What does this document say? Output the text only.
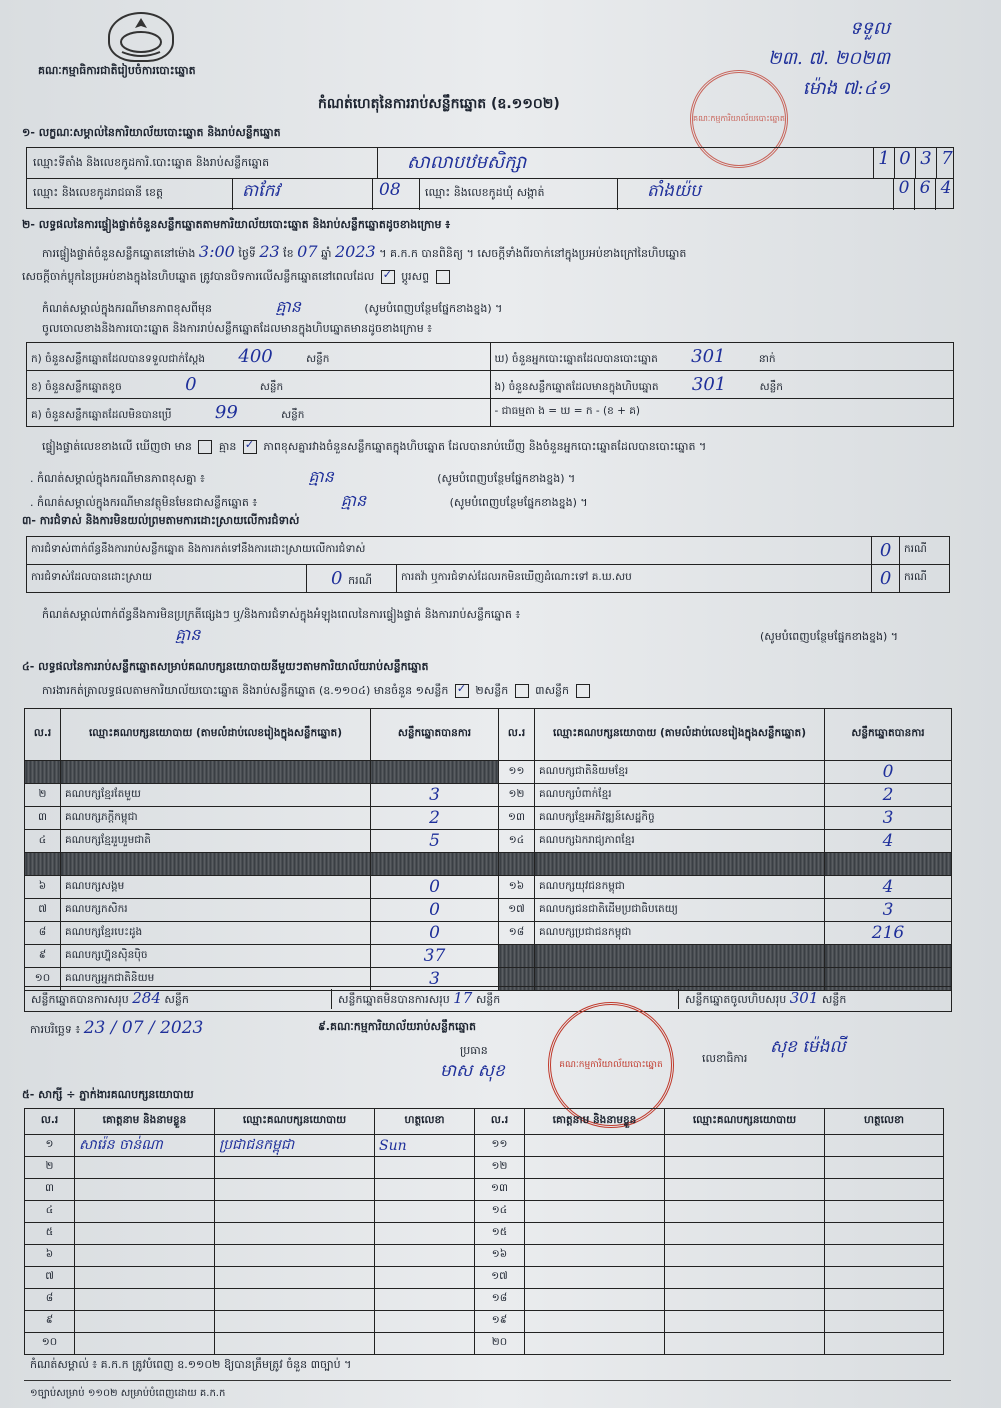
គណៈកម្មាធិការជាតិរៀបចំការបោះឆ្នោត
កំណត់ហេតុនៃការរាប់សន្លឹកឆ្នោត (ឧ.១១០២)
ទទួល
២៣. ៧. ២០២៣
ម៉ោង ៧:៤១
គណៈកម្មការិយាល័យបោះឆ្នោត
១- លក្ខណៈសម្គាល់នៃការិយាល័យបោះឆ្នោត និងរាប់សន្លឹកឆ្នោត
ឈ្មោះទីតាំង និងលេខកូដការិ.បោះឆ្នោត និងរាប់សន្លឹកឆ្នោត	សាលាបឋមសិក្សា	1 0 3 7
ឈ្មោះ និងលេខកូដរាជធានី ខេត្ត	តាកែវ	08 ឈ្មោះ និងលេខកូដឃុំ សង្កាត់	តាំងយ៉ប	0 6 4
២- លទ្ធផលនៃការផ្ទៀងផ្ទាត់ចំនួនសន្លឹកឆ្នោតតាមការិយាល័យបោះឆ្នោត និងរាប់សន្លឹកឆ្នោតដូចខាងក្រោម ៖
ការផ្ទៀងផ្ទាត់ចំនួនសន្លឹកឆ្នោតនៅម៉ោង 3:00 ថ្ងៃទី 23 ខែ 07 ឆ្នាំ 2023 ។ គ.ក.ក បានពិនិត្យ ។ សេចក្ដីទាំងពីរចាក់នៅក្នុងប្រអប់ខាងក្រៅនៃហិបឆ្នោត
សេចក្ដីចាក់ប្លុកនៃប្រអប់ខាងក្នុងនៃហិបឆ្នោត ត្រូវបានបិទការលើសន្លឹកឆ្នោតនៅពេលដែល ✓ ប្ដូរសព្ទ
កំណត់សម្គាល់ក្នុងករណីមានភាពខុសពីមុន	គ្មាន	(សូមបំពេញបន្ថែមផ្នែកខាងខ្នង) ។
ចូលចោលខាងនិងការបោះឆ្នោត និងការរាប់សន្លឹកឆ្នោតដែលមានក្នុងហិបឆ្នោតមានដូចខាងក្រោម ៖
ក) ចំនួនសន្លឹកឆ្នោតដែលបានទទួលជាក់ស្ដែង 400 សន្លឹក	ឃ) ចំនួនអ្នកបោះឆ្នោតដែលបានបោះឆ្នោត 301 នាក់
ខ) ចំនួនសន្លឹកឆ្នោតខូច 0 សន្លឹក	ង) ចំនួនសន្លឹកឆ្នោតដែលមានក្នុងហិបឆ្នោត 301 សន្លឹក
គ) ចំនួនសន្លឹកឆ្នោតដែលមិនបានប្រើ 99 សន្លឹក	- ជាធម្មតា ង = ឃ = ក - (ខ + គ)
ផ្ទៀងផ្ទាត់លេខខាងលើ ឃើញថា មាន គ្មាន ✓ ភាពខុសគ្នារវាងចំនួនសន្លឹកឆ្នោតក្នុងហិបឆ្នោត ដែលបានរាប់ឃើញ និងចំនួនអ្នកបោះឆ្នោតដែលបានបោះឆ្នោត ។
. កំណត់សម្គាល់ក្នុងករណីមានភាពខុសគ្នា ៖	គ្មាន	(សូមបំពេញបន្ថែមផ្នែកខាងខ្នង) ។
. កំណត់សម្គាល់ក្នុងករណីមានវត្ថុមិនមែនជាសន្លឹកឆ្នោត ៖	គ្មាន	(សូមបំពេញបន្ថែមផ្នែកខាងខ្នង) ។
៣- ការជំទាស់ និងការមិនយល់ព្រមតាមការដោះស្រាយលើការជំទាស់
ការជំទាស់ពាក់ព័ន្ធនឹងការរាប់សន្លឹកឆ្នោត និងការកត់ទៅនឹងការដោះស្រាយលើការជំទាស់			0	ករណី
ការជំទាស់ដែលបានដោះស្រាយ	0 ករណី	ការតវ៉ា ឬការជំទាស់ដែលរកមិនឃើញដំណោះទៅ គ.ឃ.សប	0	ករណី
កំណត់សម្គាល់ពាក់ព័ន្ធនឹងការមិនប្រក្រតីផ្សេងៗ ឬ/និងការជំទាស់ក្នុងអំឡុងពេលនៃការផ្ទៀងផ្ទាត់ និងការរាប់សន្លឹកឆ្នោត ៖
គ្មាន	(សូមបំពេញបន្ថែមផ្នែកខាងខ្នង) ។
៤- លទ្ធផលនៃការរាប់សន្លឹកឆ្នោតសម្រាប់គណបក្សនយោបាយនីមួយៗតាមការិយាល័យរាប់សន្លឹកឆ្នោត
ការងារកត់ត្រាលទ្ធផលតាមការិយាល័យបោះឆ្នោត និងរាប់សន្លឹកឆ្នោត (ឧ.១១០៤) មានចំនួន ១សន្លឹក ✓ ២សន្លឹក ៣សន្លឹក
ល.រ	ឈ្មោះគណបក្សនយោបាយ (តាមលំដាប់លេខរៀងក្នុងសន្លឹកឆ្នោត)	សន្លឹកឆ្នោតបានការ	ល.រ	ឈ្មោះគណបក្សនយោបាយ (តាមលំដាប់លេខរៀងក្នុងសន្លឹកឆ្នោត)	សន្លឹកឆ្នោតបានការ
			១១	គណបក្សជាតិនិយមខ្មែរ	0
២	គណបក្សខ្មែរតែមួយ	3	១២	គណបក្សបំពាក់ខ្មែរ	2
៣	គណបក្សភក្ដីកម្ពុជា	2	១៣	គណបក្សខ្មែរអភិវឌ្ឍន៍សេដ្ឋកិច្ច	3
៤	គណបក្សខ្មែររួបរួមជាតិ	5	១៤	គណបក្សឯករាជ្យភាពខ្មែរ	4

៦	គណបក្សសង្គម	0	១៦	គណបក្សយុវជនកម្ពុជា	4
៧	គណបក្សកសិករ	0	១៧	គណបក្សជនជាតិដើមប្រជាធិបតេយ្យ	3
៨	គណបក្សខ្មែរបេះដូង	0	១៨	គណបក្សប្រជាជនកម្ពុជា	216
៩	គណបក្សហ្វ៊ុនស៊ិនប៉ិច	37			
១០	គណបក្សអ្នកជាតិនិយម	3			
សន្លឹកឆ្នោតបានការសរុប 284 សន្លឹក	សន្លឹកឆ្នោតមិនបានការសរុប 17 សន្លឹក	សន្លឹកឆ្នោតចូលហិបសរុប 301 សន្លឹក
ការបរិច្ឆេទ ៖ 23 / 07 / 2023	៩.គណៈកម្មការិយាល័យរាប់សន្លឹកឆ្នោត
ប្រធាន
មាស សុខ	គណៈកម្មការិយាល័យបោះឆ្នោត	លេខាធិការ
សុខ ម៉េងលី
៥- សាក្សី ÷ ភ្នាក់ងារគណបក្សនយោបាយ
ល.រ	គោត្តនាម និងនាមខ្លួន	ឈ្មោះគណបក្សនយោបាយ	ហត្ថលេខា	ល.រ	គោត្តនាម និងនាមខ្លួន	ឈ្មោះគណបក្សនយោបាយ	ហត្ថលេខា
១	សារ៉េន ចាន់ណា	ប្រជាជនកម្ពុជា	Sun	១១			
២				១២			
៣				១៣			
៤				១៤			
៥				១៥			
៦				១៦			
៧				១៧			
៨				១៨			
៩				១៩			
១០				២០			
កំណត់សម្គាល់ ៖ គ.ក.ក ត្រូវបំពេញ ឧ.១១០២ ឱ្យបានត្រឹមត្រូវ ចំនួន ៣ច្បាប់ ។
១ច្បាប់សម្រាប់ ១១០២ សម្រាប់បំពេញដោយ គ.ក.ក
